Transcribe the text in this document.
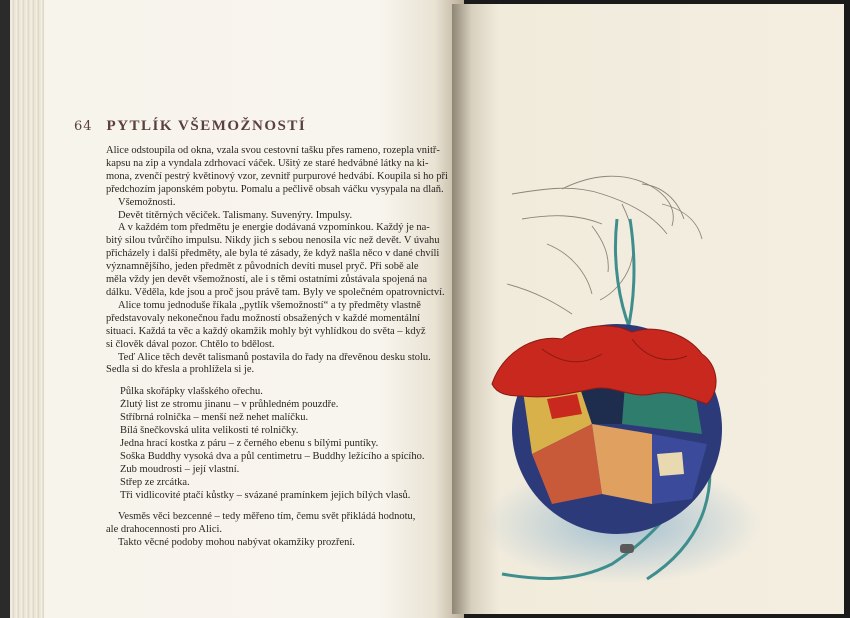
64 PYTLÍK VŠEMOŽNOSTÍ

Alice odstoupila od okna, vzala svou cestovní tašku přes rameno, rozepla vnitř-

kapsu na zip a vyndala zdrhovací váček. Ušitý ze staré hedvábné látky na ki-

mona, zvenčí pestrý květinový vzor, zevnitř purpurové hedvábí. Koupila si ho při

předchozím japonském pobytu. Pomalu a pečlivě obsah váčku vysypala na dlaň.

Všemožnosti.

Devět titěrných věciček. Talismany. Suvenýry. Impulsy.

A v každém tom předmětu je energie dodávaná vzpomínkou. Každý je na-

bitý silou tvůrčího impulsu. Nikdy jich s sebou nenosila víc než devět. V úvahu

přicházely i další předměty, ale byla té zásady, že když našla něco v dané chvíli

významnějšího, jeden předmět z původních devíti musel pryč. Při sobě ale

měla vždy jen devět všemožností, ale i s těmi ostatními zůstávala spojená na

dálku. Věděla, kde jsou a proč jsou právě tam. Byly ve společném opatrovnictví.

Alice tomu jednoduše říkala „pytlík všemožností“ a ty předměty vlastně

představovaly nekonečnou řadu možností obsažených v každé momentální

situaci. Každá ta věc a každý okamžik mohly být vyhlídkou do světa – když

si člověk dával pozor. Chtělo to bdělost.

Teď Alice těch devět talismanů postavila do řady na dřevěnou desku stolu.

Sedla si do křesla a prohlížela si je.

Půlka skořápky vlašského ořechu.

Žlutý list ze stromu jinanu – v průhledném pouzdře.

Stříbrná rolnička – menší než nehet malíčku.

Bílá šnečkovská ulita velikosti té rolničky.

Jedna hrací kostka z páru – z černého ebenu s bílými puntíky.

Soška Buddhy vysoká dva a půl centimetru – Buddhy ležícího a spícího.

Zub moudrosti – její vlastní.

Střep ze zrcátka.

Tři vidlicovité ptačí kůstky – svázané pramínkem jejich bílých vlasů.

Vesměs věci bezcenné – tedy měřeno tím, čemu svět přikládá hodnotu,

ale drahocennosti pro Alici.

Takto věcné podoby mohou nabývat okamžiky prozření.
